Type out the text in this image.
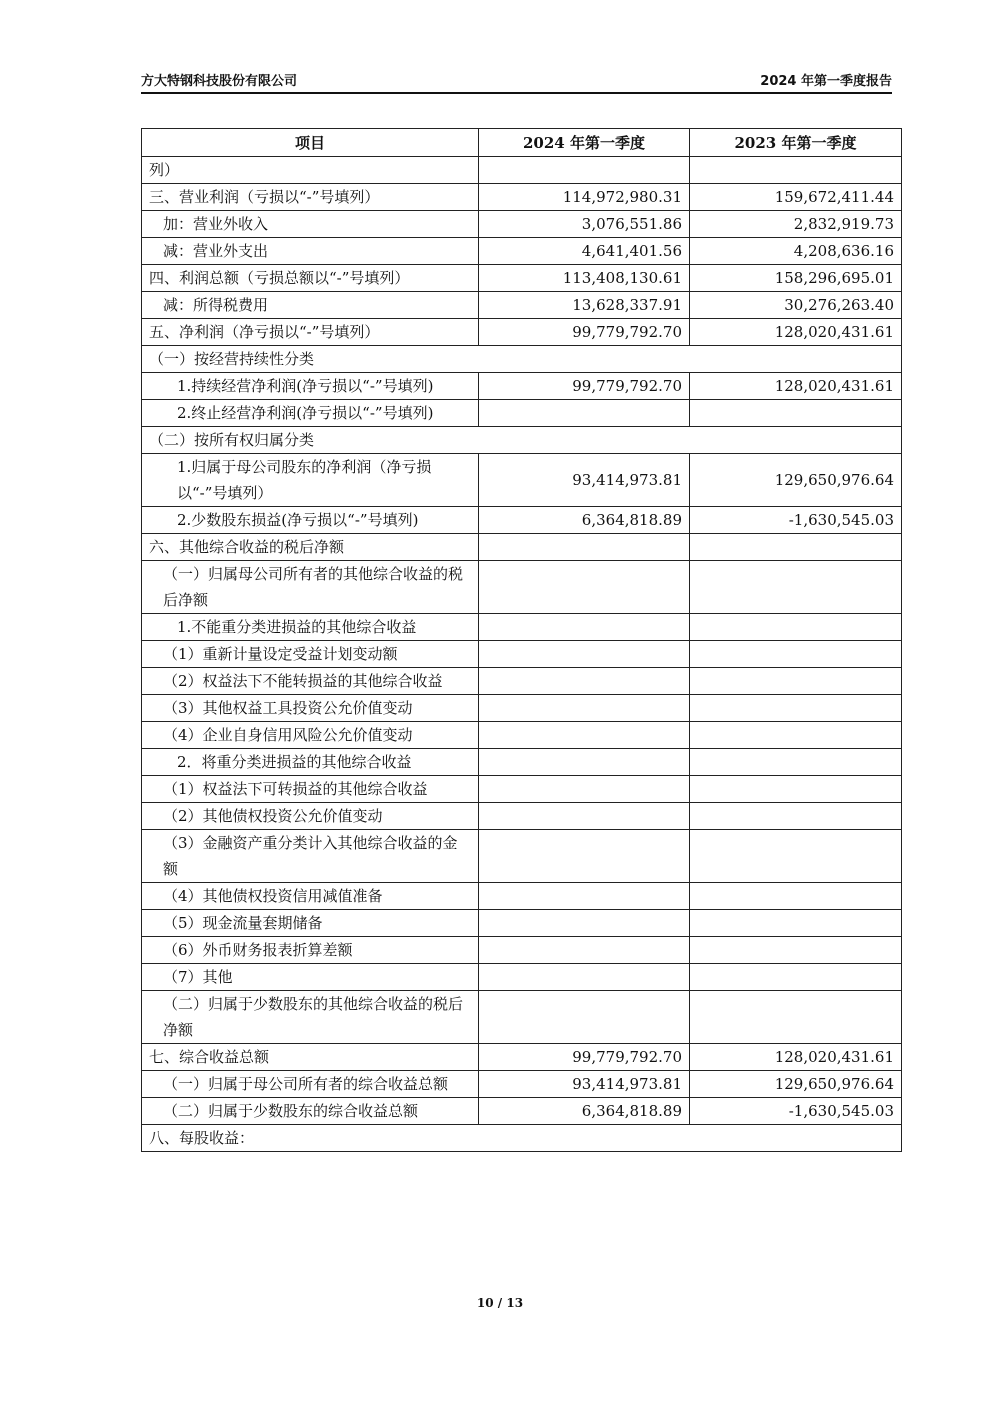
方大特钢科技股份有限公司	2024 年第一季度报告
项目	2024 年第一季度	2023 年第一季度
列）		
三、营业利润（亏损以“-”号填列）	114,972,980.31	159,672,411.44
加：营业外收入	3,076,551.86	2,832,919.73
减：营业外支出	4,641,401.56	4,208,636.16
四、利润总额（亏损总额以“-”号填列）	113,408,130.61	158,296,695.01
减：所得税费用	13,628,337.91	30,276,263.40
五、净利润（净亏损以“-”号填列）	99,779,792.70	128,020,431.61
（一）按经营持续性分类		
1.持续经营净利润(净亏损以“-”号填列)	99,779,792.70	128,020,431.61
2.终止经营净利润(净亏损以“-”号填列)		
（二）按所有权归属分类		
1.归属于母公司股东的净利润（净亏损以“-”号填列）	93,414,973.81	129,650,976.64
2.少数股东损益(净亏损以“-”号填列)	6,364,818.89	-1,630,545.03
六、其他综合收益的税后净额		
（一）归属母公司所有者的其他综合收益的税后净额		
1.不能重分类进损益的其他综合收益		
（1）重新计量设定受益计划变动额		
（2）权益法下不能转损益的其他综合收益		
（3）其他权益工具投资公允价值变动		
（4）企业自身信用风险公允价值变动		
2．将重分类进损益的其他综合收益		
（1）权益法下可转损益的其他综合收益		
（2）其他债权投资公允价值变动		
（3）金融资产重分类计入其他综合收益的金额		
（4）其他债权投资信用减值准备		
（5）现金流量套期储备		
（6）外币财务报表折算差额		
（7）其他		
（二）归属于少数股东的其他综合收益的税后净额		
七、综合收益总额	99,779,792.70	128,020,431.61
（一）归属于母公司所有者的综合收益总额	93,414,973.81	129,650,976.64
（二）归属于少数股东的综合收益总额	6,364,818.89	-1,630,545.03
八、每股收益：		
10 / 13
